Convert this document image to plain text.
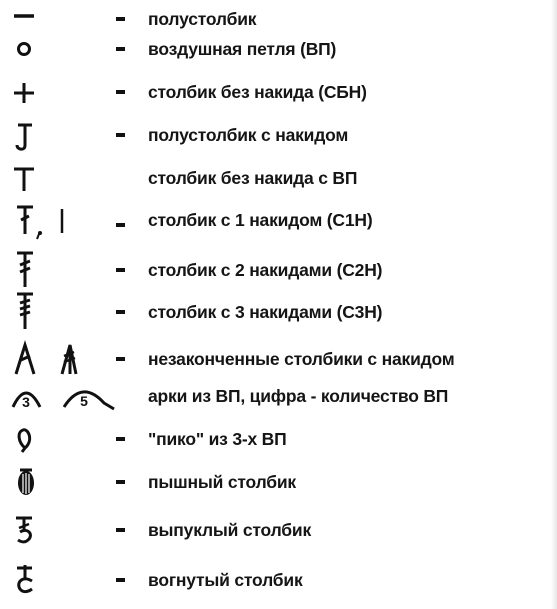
полустолбик
воздушная петля (ВП)
столбик без накида (СБН)
полустолбик с накидом
столбик без накида с ВП
столбик с 1 накидом (С1Н)
столбик с 2 накидами (С2Н)
столбик с 3 накидами (С3Н)
незаконченные столбики с накидом
3	5	арки из ВП, цифра - количество ВП
"пико" из 3-х ВП
пышный столбик
выпуклый столбик
вогнутый столбик
